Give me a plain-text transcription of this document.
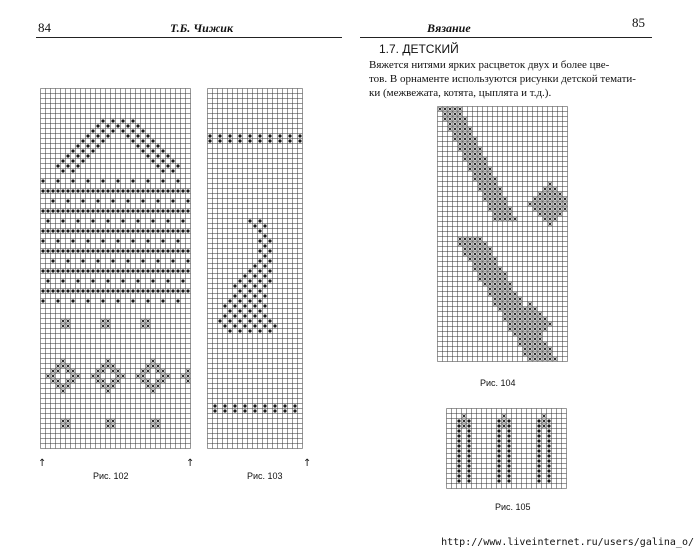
84	Т.Б. Чижик
↑	↑	↑
Рис. 102	Рис. 103
Вязание	85
1.7. ДЕТСКИЙ
Вяжется нитями ярких расцветок двух и более цве-
тов. В орнаменте используются рисунки детской темати-
ки (межвежата, котята, цыплята и т.д.).
Рис. 104
Рис. 105
http://www.liveinternet.ru/users/galina_o/
